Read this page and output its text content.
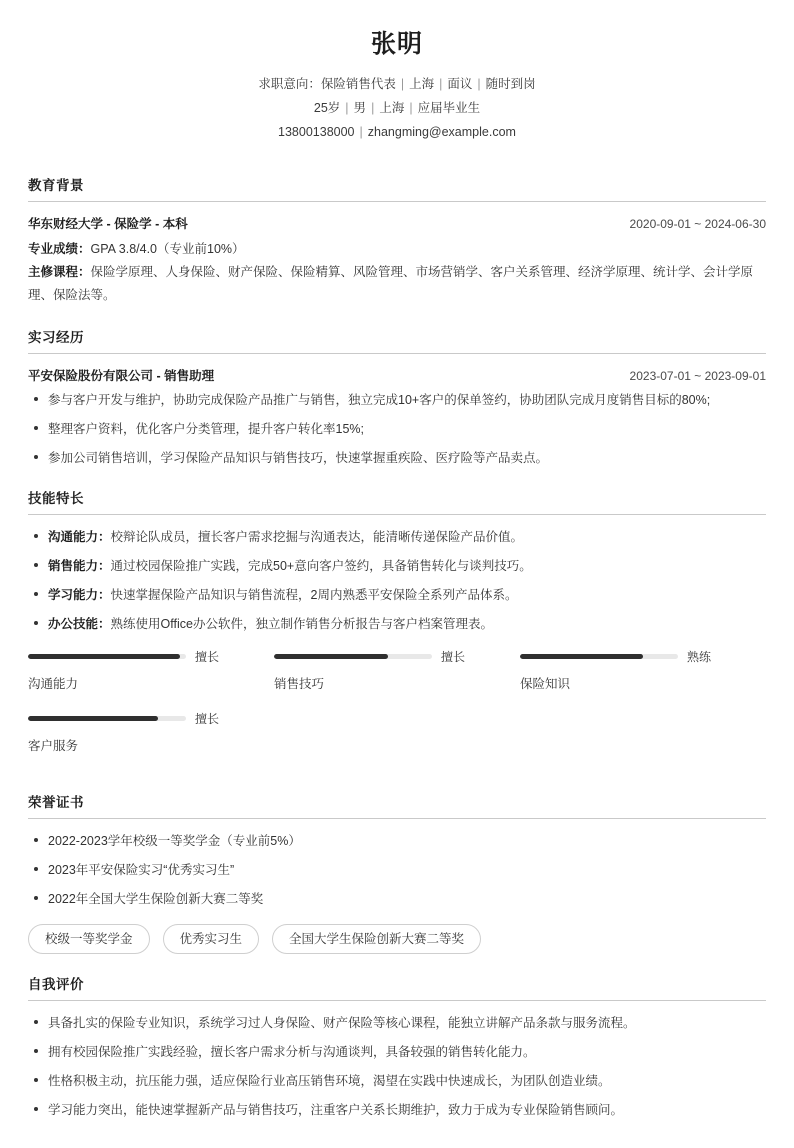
张明
求职意向：保险销售代表 | 上海 | 面议 | 随时到岗
25岁 | 男 | 上海 | 应届毕业生
13800138000 | zhangming@example.com
教育背景
华东财经大学 - 保险学 - 本科	2020-09-01 ~ 2024-06-30
专业成绩：GPA 3.8/4.0（专业前10%）
主修课程：保险学原理、人身保险、财产保险、保险精算、风险管理、市场营销学、客户关系管理、经济学原理、统计学、会计学原理、保险法等。
实习经历
平安保险股份有限公司 - 销售助理	2023-07-01 ~ 2023-09-01
参与客户开发与维护，协助完成保险产品推广与销售，独立完成10+客户的保单签约，协助团队完成月度销售目标的80%;
整理客户资料，优化客户分类管理，提升客户转化率15%;
参加公司销售培训，学习保险产品知识与销售技巧，快速掌握重疾险、医疗险等产品卖点。
技能特长
沟通能力：校辩论队成员，擅长客户需求挖掘与沟通表达，能清晰传递保险产品价值。
销售能力：通过校园保险推广实践，完成50+意向客户签约，具备销售转化与谈判技巧。
学习能力：快速掌握保险产品知识与销售流程，2周内熟悉平安保险全系列产品体系。
办公技能：熟练使用Office办公软件，独立制作销售分析报告与客户档案管理表。
擅长
沟通能力
擅长
销售技巧
熟练
保险知识
擅长
客户服务
荣誉证书
2022-2023学年校级一等奖学金（专业前5%）
2023年平安保险实习“优秀实习生”
2022年全国大学生保险创新大赛二等奖
校级一等奖学金	优秀实习生	全国大学生保险创新大赛二等奖
自我评价
具备扎实的保险专业知识，系统学习过人身保险、财产保险等核心课程，能独立讲解产品条款与服务流程。
拥有校园保险推广实践经验，擅长客户需求分析与沟通谈判，具备较强的销售转化能力。
性格积极主动，抗压能力强，适应保险行业高压销售环境，渴望在实践中快速成长，为团队创造业绩。
学习能力突出，能快速掌握新产品与销售技巧，注重客户关系长期维护，致力于成为专业保险销售顾问。
